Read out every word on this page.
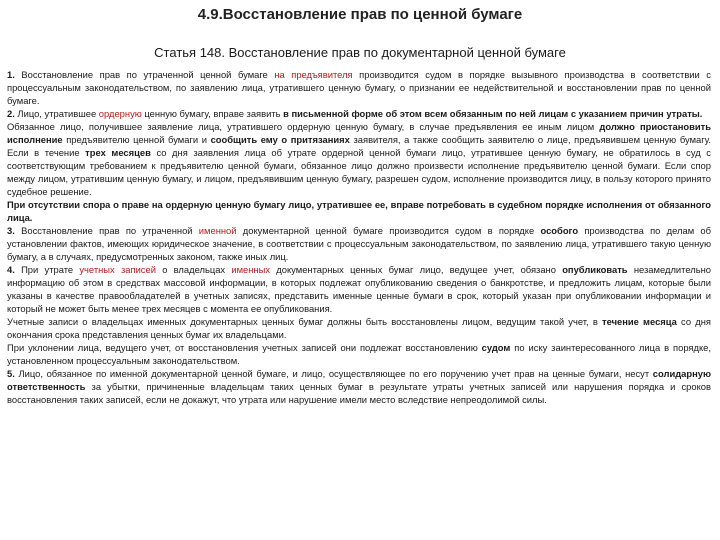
4.9.Восстановление прав по ценной бумаге
Статья 148. Восстановление прав по документарной ценной бумаге

1. Восстановление прав по утраченной ценной бумаге на предъявителя производится судом в порядке вызывного производства в соответствии с процессуальным законодательством, по заявлению лица, утратившего ценную бумагу, о признании ее недействительной и восстановлении прав по ценной бумаге.

2. Лицо, утратившее ордерную ценную бумагу, вправе заявить в письменной форме об этом всем обязанным по ней лицам с указанием причин утраты.

Обязанное лицо, получившее заявление лица, утратившего ордерную ценную бумагу, в случае предъявления ее иным лицом должно приостановить исполнение предъявителю ценной бумаги и сообщить ему о притязаниях заявителя, а также сообщить заявителю о лице, предъявившем ценную бумагу. Если в течение трех месяцев со дня заявления лица об утрате ордерной ценной бумаги лицо, утратившее ценную бумагу, не обратилось в суд с соответствующим требованием к предъявителю ценной бумаги, обязанное лицо должно произвести исполнение предъявителю ценной бумаги. Если спор между лицом, утратившим ценную бумагу, и лицом, предъявившим ценную бумагу, разрешен судом, исполнение производится лицу, в пользу которого принято судебное решение.

При отсутствии спора о праве на ордерную ценную бумагу лицо, утратившее ее, вправе потребовать в судебном порядке исполнения от обязанного лица.

3. Восстановление прав по утраченной именной документарной ценной бумаге производится судом в порядке особого производства по делам об установлении фактов, имеющих юридическое значение, в соответствии с процессуальным законодательством, по заявлению лица, утратившего такую ценную бумагу, а в случаях, предусмотренных законом, также иных лиц.

4. При утрате учетных записей о владельцах именных документарных ценных бумаг лицо, ведущее учет, обязано опубликовать незамедлительно информацию об этом в средствах массовой информации, в которых подлежат опубликованию сведения о банкротстве, и предложить лицам, которые были указаны в качестве правообладателей в учетных записях, представить именные ценные бумаги в срок, который указан при опубликовании информации и который не может быть менее трех месяцев с момента ее опубликования.

Учетные записи о владельцах именных документарных ценных бумаг должны быть восстановлены лицом, ведущим такой учет, в течение месяца со дня окончания срока представления ценных бумаг их владельцами.

При уклонении лица, ведущего учет, от восстановления учетных записей они подлежат восстановлению судом по иску заинтересованного лица в порядке, установленном процессуальным законодательством.

5. Лицо, обязанное по именной документарной ценной бумаге, и лицо, осуществляющее по его поручению учет прав на ценные бумаги, несут солидарную ответственность за убытки, причиненные владельцам таких ценных бумаг в результате утраты учетных записей или нарушения порядка и сроков восстановления таких записей, если не докажут, что утрата или нарушение имели место вследствие непреодолимой силы.
